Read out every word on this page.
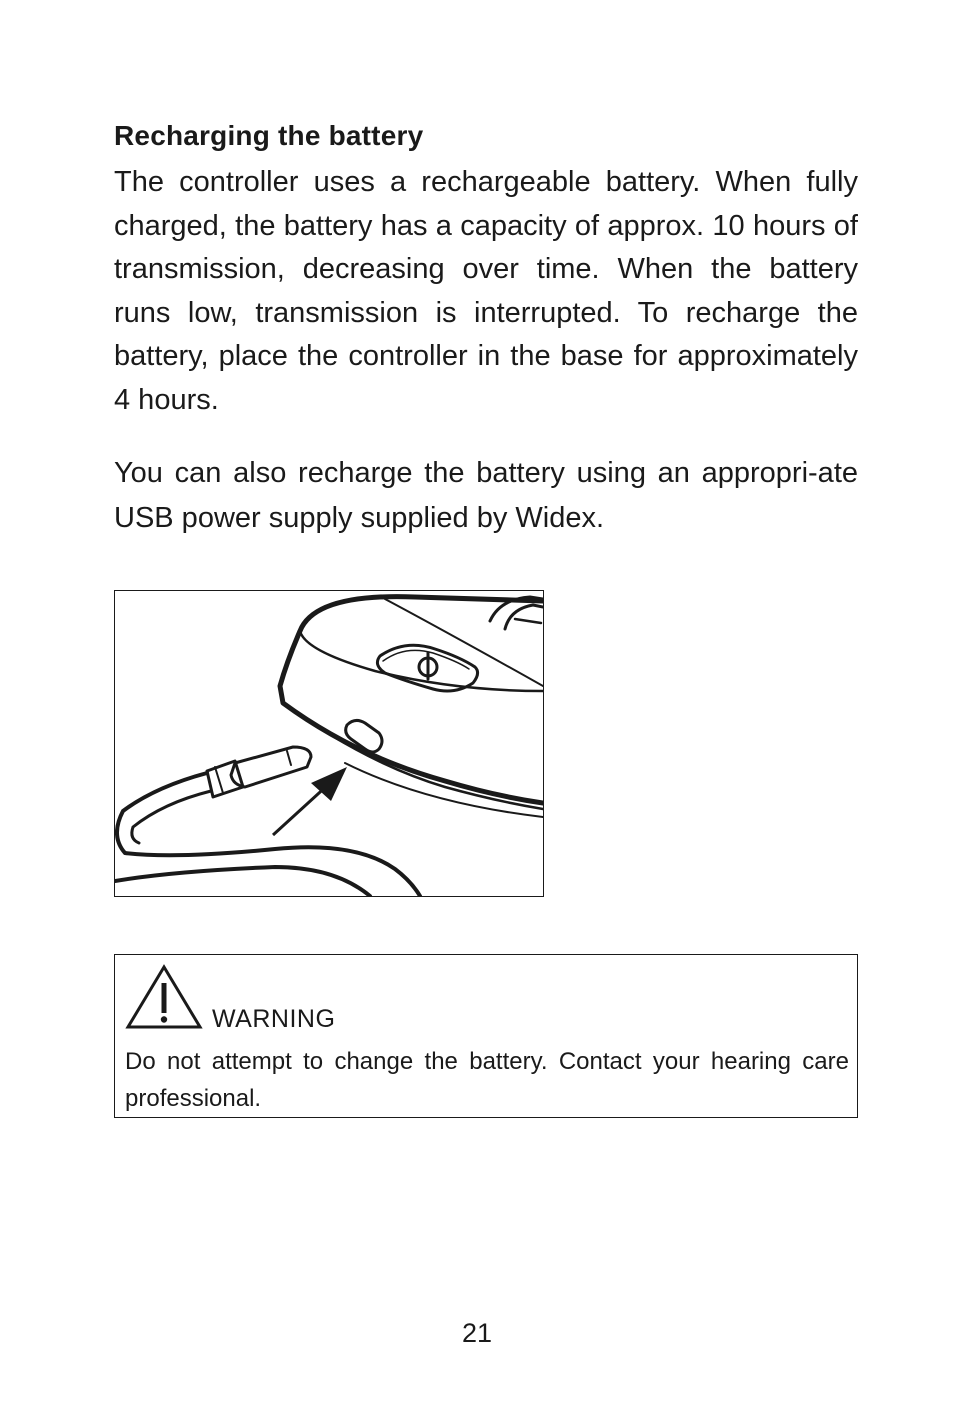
Recharging the battery

The controller uses a rechargeable battery. When fully charged, the battery has a capacity of approx. 10 hours of transmission, decreasing over time. When the battery runs low, transmission is interrupted. To recharge the battery, place the controller in the base for approximately 4 hours.

You can also recharge the battery using an appropri-ate USB power supply supplied by Widex.

WARNING

Do not attempt to change the battery. Contact your hearing care professional.

21
